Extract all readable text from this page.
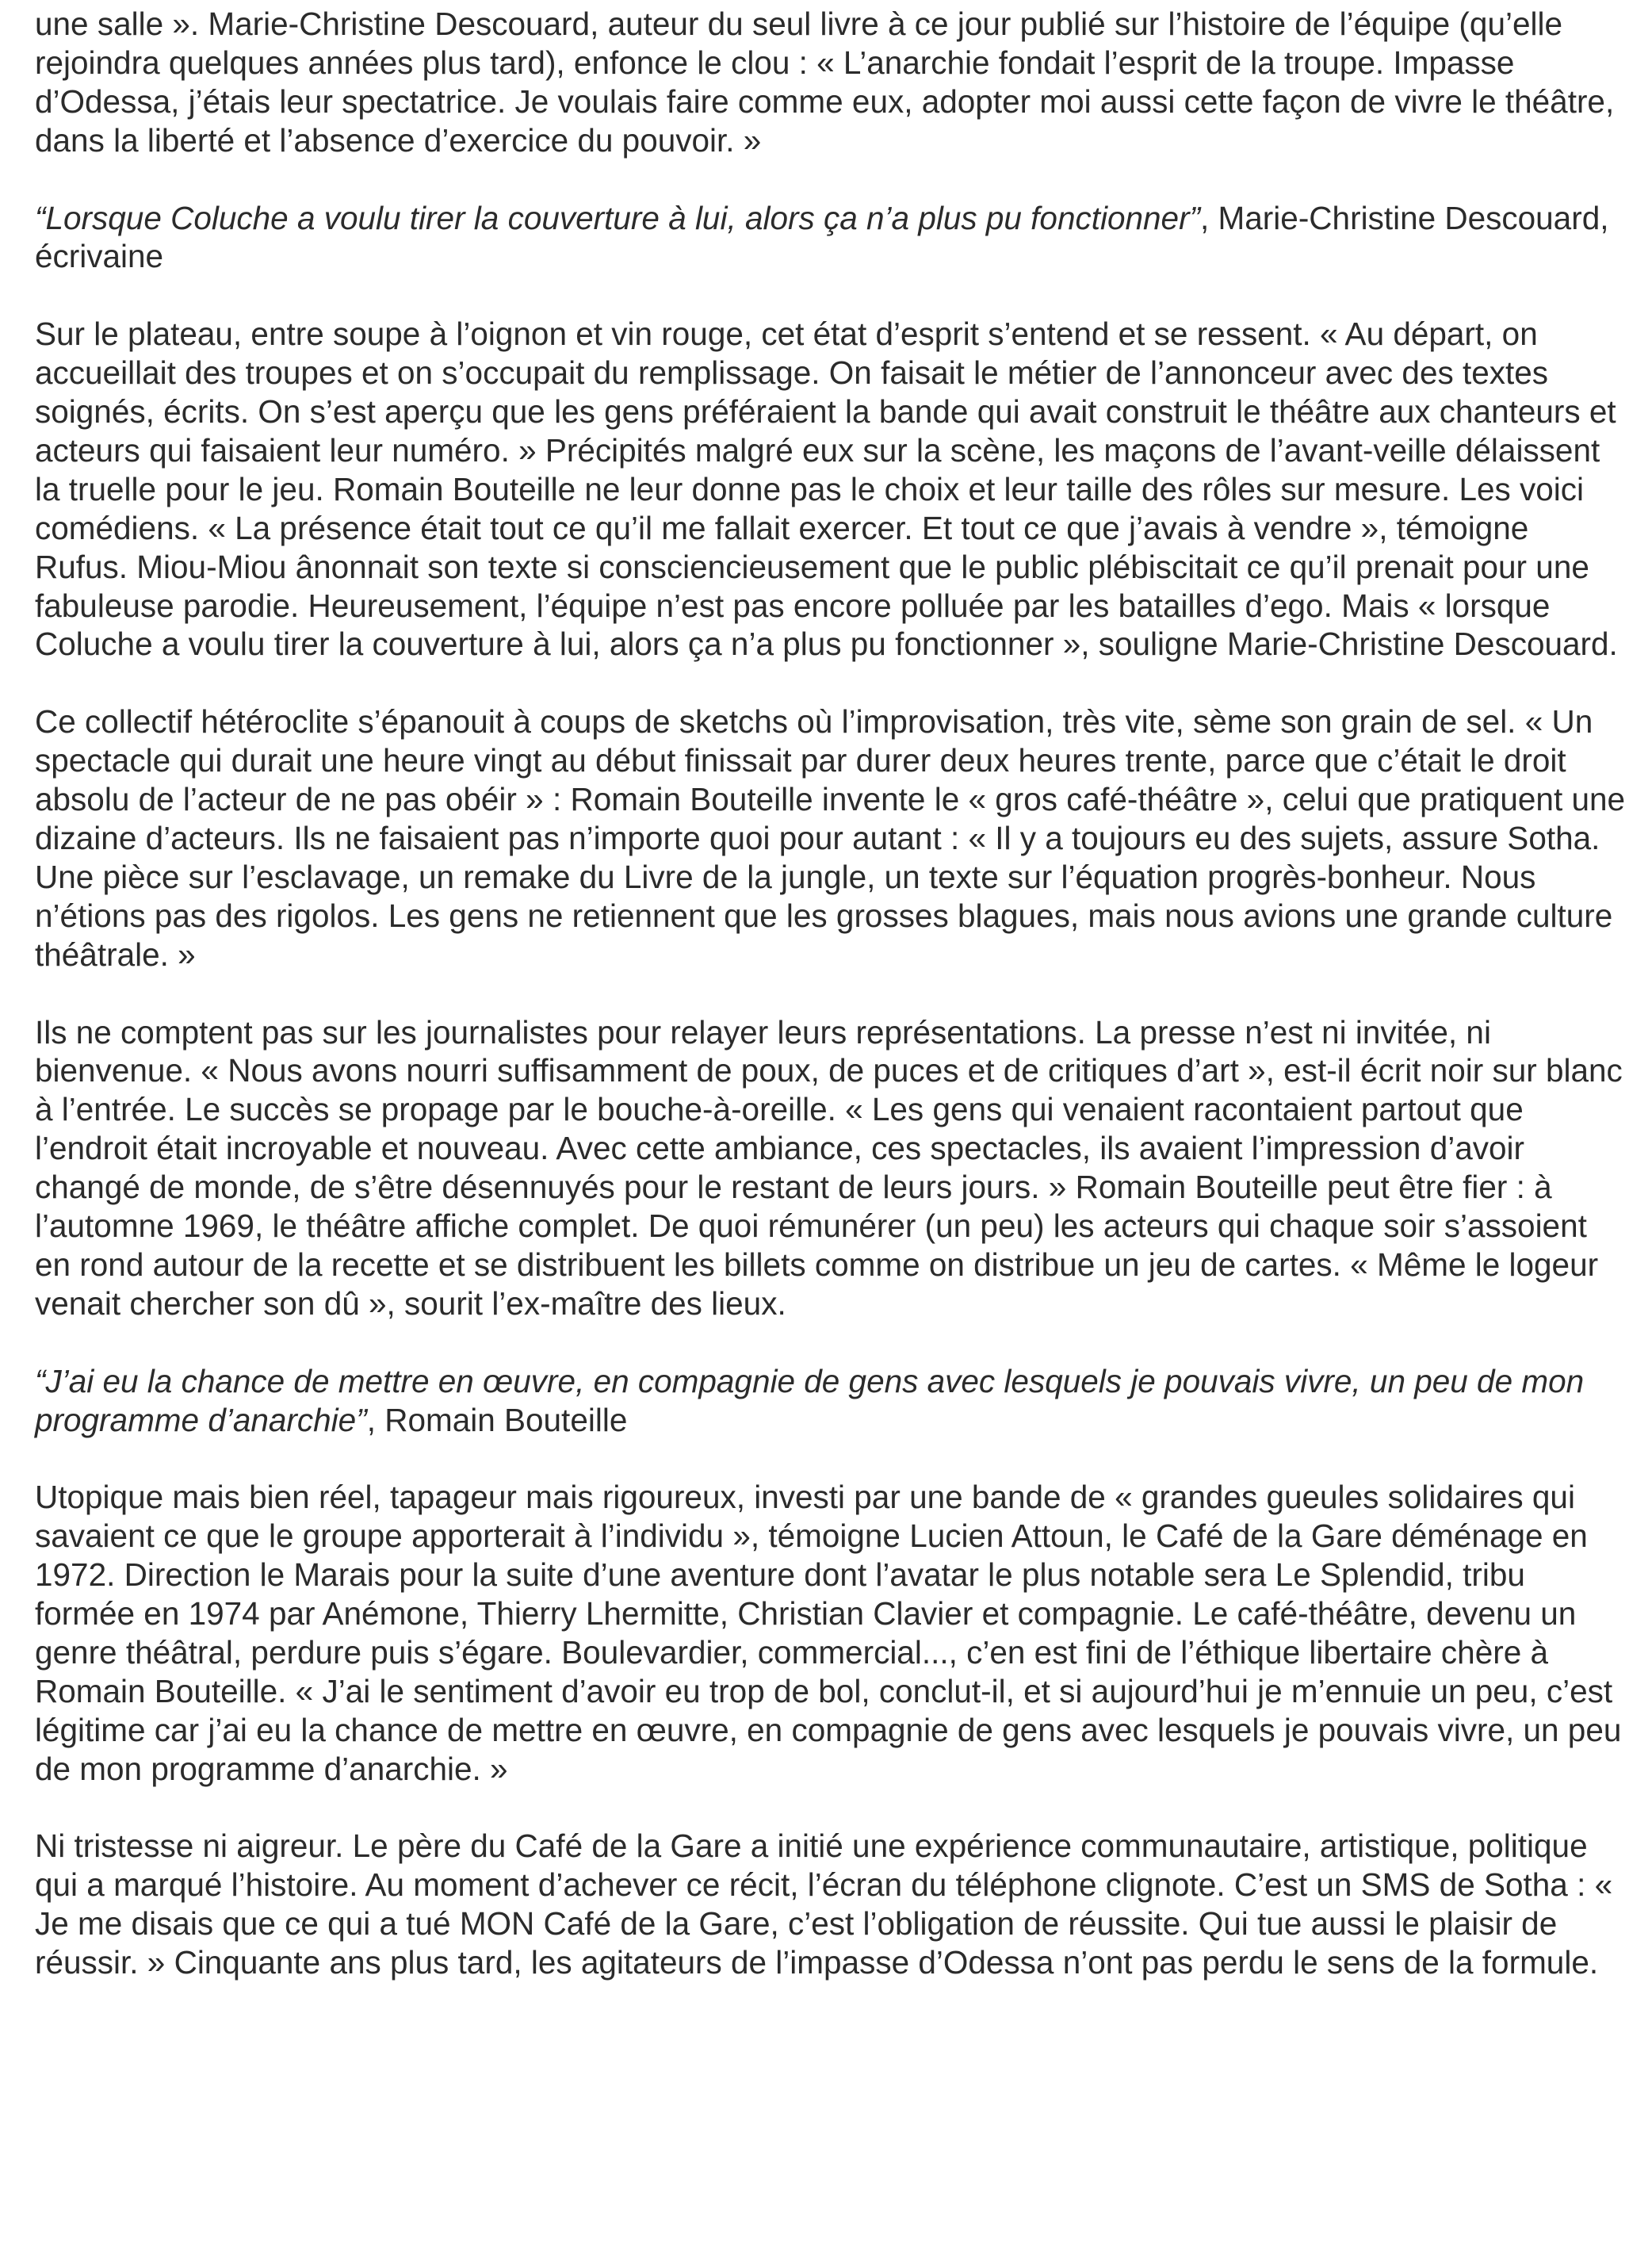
une salle ». Marie-Christine Descouard, auteur du seul livre à ce jour publié sur l’histoire de l’équipe (qu’elle rejoindra quelques années plus tard), enfonce le clou : « L’anarchie fondait l’esprit de la troupe. Impasse d’Odessa, j’étais leur spectatrice. Je voulais faire comme eux, adopter moi aussi cette façon de vivre le théâtre, dans la liberté et l’absence d’exercice du pouvoir. »

“Lorsque Coluche a voulu tirer la couverture à lui, alors ça n’a plus pu fonctionner”, Marie-Christine Descouard, écrivaine

Sur le plateau, entre soupe à l’oignon et vin rouge, cet état d’esprit s’entend et se ressent. « Au départ, on accueillait des troupes et on s’occupait du remplissage. On faisait le métier de l’annonceur avec des textes soignés, écrits. On s’est aperçu que les gens préféraient la bande qui avait construit le théâtre aux chanteurs et acteurs qui faisaient leur numéro. » Précipités malgré eux sur la scène, les maçons de l’avant-veille délaissent la truelle pour le jeu. Romain Bouteille ne leur donne pas le choix et leur taille des rôles sur mesure. Les voici comédiens. « La présence était tout ce qu’il me fallait exercer. Et tout ce que j’avais à vendre », témoigne Rufus. Miou-Miou ânonnait son texte si consciencieusement que le public plébiscitait ce qu’il prenait pour une fabuleuse parodie. Heureusement, l’équipe n’est pas encore polluée par les batailles d’ego. Mais « lorsque Coluche a voulu tirer la couverture à lui, alors ça n’a plus pu fonctionner », souligne Marie-Christine Descouard.

Ce collectif hétéroclite s’épanouit à coups de sketchs où l’improvisation, très vite, sème son grain de sel. « Un spectacle qui durait une heure vingt au début finissait par durer deux heures trente, parce que c’était le droit absolu de l’acteur de ne pas obéir » : Romain Bouteille invente le « gros café-théâtre », celui que pratiquent une dizaine d’acteurs. Ils ne faisaient pas n’importe quoi pour autant : « Il y a toujours eu des sujets, assure Sotha. Une pièce sur l’esclavage, un remake du Livre de la jungle, un texte sur l’équation progrès-bonheur. Nous n’étions pas des rigolos. Les gens ne retiennent que les grosses blagues, mais nous avions une grande culture théâtrale. »

Ils ne comptent pas sur les journalistes pour relayer leurs représentations. La presse n’est ni invitée, ni bienvenue. « Nous avons nourri suffisamment de poux, de puces et de critiques d’art », est-il écrit noir sur blanc à l’entrée. Le succès se propage par le bouche-à-oreille. « Les gens qui venaient racontaient partout que l’endroit était incroyable et nouveau. Avec cette ambiance, ces spectacles, ils avaient l’impression d’avoir changé de monde, de s’être désennuyés pour le restant de leurs jours. » Romain Bouteille peut être fier : à l’automne 1969, le théâtre affiche complet. De quoi rémunérer (un peu) les acteurs qui chaque soir s’assoient en rond autour de la recette et se distribuent les billets comme on distribue un jeu de cartes. « Même le logeur venait chercher son dû », sourit l’ex-maître des lieux.

“J’ai eu la chance de mettre en œuvre, en compagnie de gens avec lesquels je pouvais vivre, un peu de mon programme d’anarchie”, Romain Bouteille

Utopique mais bien réel, tapageur mais rigoureux, investi par une bande de « grandes gueules solidaires qui savaient ce que le groupe apporterait à l’individu », témoigne Lucien Attoun, le Café de la Gare déménage en 1972. Direction le Marais pour la suite d’une aventure dont l’avatar le plus notable sera Le Splendid, tribu formée en 1974 par Anémone, Thierry Lhermitte, Christian Clavier et compagnie. Le café-théâtre, devenu un genre théâtral, perdure puis s’égare. Boulevardier, commercial..., c’en est fini de l’éthique libertaire chère à Romain Bouteille. « J’ai le sentiment d’avoir eu trop de bol, conclut-il, et si aujourd’hui je m’ennuie un peu, c’est légitime car j’ai eu la chance de mettre en œuvre, en compagnie de gens avec lesquels je pouvais vivre, un peu de mon programme d’anarchie. »

Ni tristesse ni aigreur. Le père du Café de la Gare a initié une expérience communautaire, artistique, politique qui a marqué l’histoire. Au moment d’achever ce récit, l’écran du téléphone clignote. C’est un SMS de Sotha : « Je me disais que ce qui a tué MON Café de la Gare, c’est l’obligation de réussite. Qui tue aussi le plaisir de réussir. » Cinquante ans plus tard, les agitateurs de l’impasse d’Odessa n’ont pas perdu le sens de la formule.
